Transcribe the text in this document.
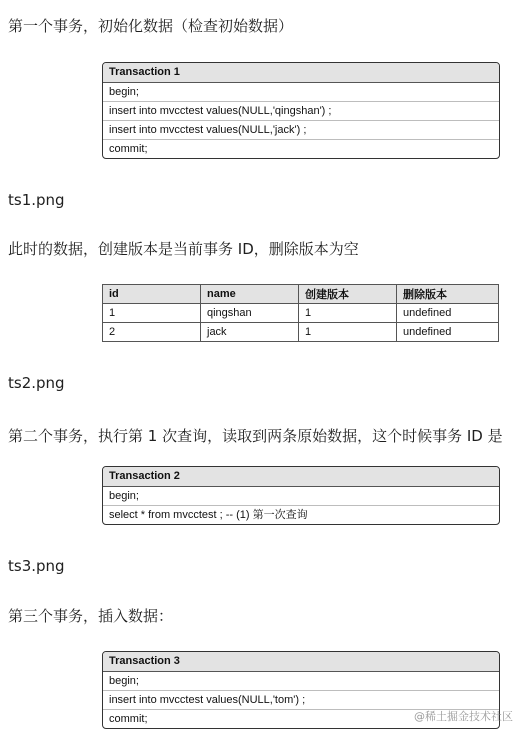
第一个事务，初始化数据（检查初始数据）
Transaction 1
begin;
insert into mvcctest values(NULL,'qingshan') ;
insert into mvcctest values(NULL,'jack') ;
commit;
ts1.png
此时的数据，创建版本是当前事务 ID，删除版本为空
id	name	创建版本	删除版本
1	qingshan	1	undefined
2	jack	1	undefined
ts2.png
第二个事务，执行第 1 次查询，读取到两条原始数据，这个时候事务 ID 是
Transaction 2
begin;
select * from mvcctest ; -- (1) 第一次查询
ts3.png
第三个事务，插入数据：
Transaction 3
begin;
insert into mvcctest values(NULL,'tom') ;
commit;	@稀土掘金技术社区
